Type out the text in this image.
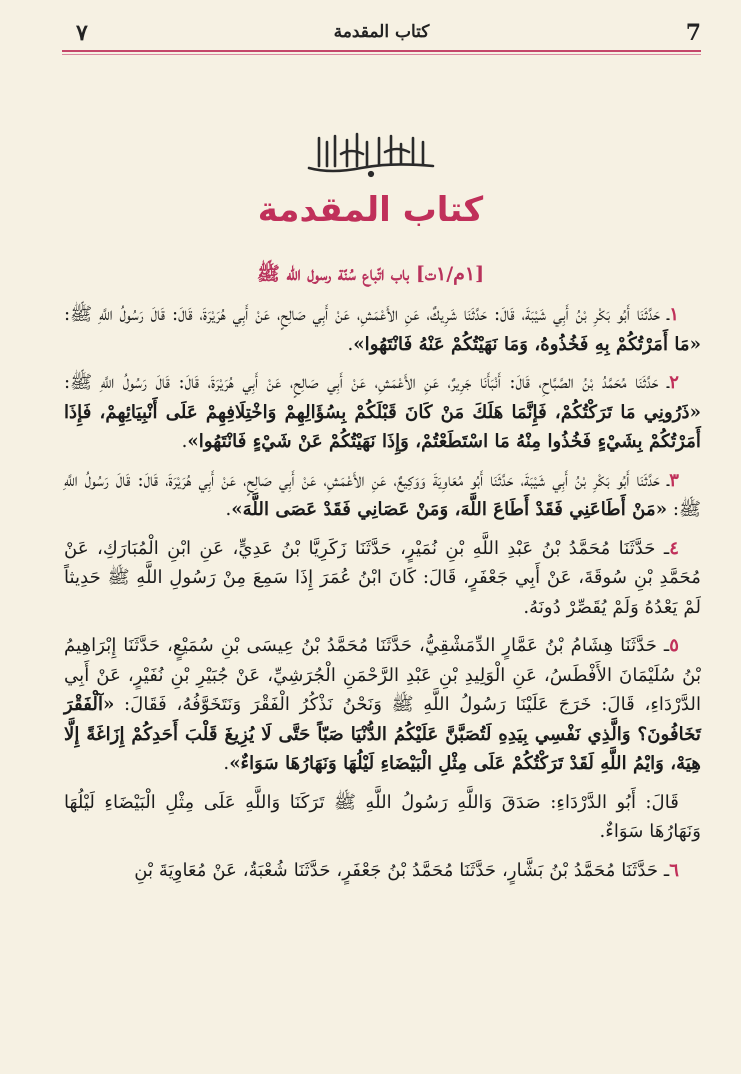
٧	كتاب المقدمة	7
كتاب المقدمة
[١م/١ت] باب اتّباع سُنّة رسول الله ﷺ

١ـ حَدَّثَنَا أَبُو بَكْرِ بْنُ أَبِي شَيْبَةَ، قَالَ: حَدَّثَنَا شَرِيكٌ، عَنِ الأَعْمَشِ، عَنْ أَبِي صَالِحٍ، عَنْ أَبِي هُرَيْرَةَ، قَالَ: قَالَ رَسُولُ اللَّهِ ﷺ: «مَا أَمَرْتُكُمْ بِهِ فَخُذُوهُ، وَمَا نَهَيْتُكُمْ عَنْهُ فَانْتَهُوا».

٢ـ حَدَّثَنَا مُحَمَّدُ بْنُ الصَّبَّاحِ، قَالَ: أَنْبَأَنَا جَرِيرٌ، عَنِ الأَعْمَشِ، عَنْ أَبِي صَالِحٍ، عَنْ أَبِي هُرَيْرَةَ، قَالَ: قَالَ رَسُولُ اللَّهِ ﷺ: «ذَرُونِي مَا تَرَكْتُكُمْ، فَإِنَّمَا هَلَكَ مَنْ كَانَ قَبْلَكُمْ بِسُؤَالِهِمْ وَاخْتِلَافِهِمْ عَلَى أَنْبِيَائِهِمْ، فَإِذَا أَمَرْتُكُمْ بِشَيْءٍ فَخُذُوا مِنْهُ مَا اسْتَطَعْتُمْ، وَإِذَا نَهَيْتُكُمْ عَنْ شَيْءٍ فَانْتَهُوا».

٣ـ حَدَّثَنَا أَبُو بَكْرِ بْنُ أَبِي شَيْبَةَ، حَدَّثَنَا أَبُو مُعَاوِيَةَ وَوَكِيعٌ، عَنِ الأَعْمَشِ، عَنْ أَبِي صَالِحٍ، عَنْ أَبِي هُرَيْرَةَ، قَالَ: قَالَ رَسُولُ اللَّهِ ﷺ: «مَنْ أَطَاعَنِي فَقَدْ أَطَاعَ اللَّهَ، وَمَنْ عَصَانِي فَقَدْ عَصَى اللَّهَ».

٤ـ حَدَّثَنَا مُحَمَّدُ بْنُ عَبْدِ اللَّهِ بْنِ نُمَيْرٍ، حَدَّثَنَا زَكَرِيَّا بْنُ عَدِيٍّ، عَنِ ابْنِ الْمُبَارَكِ، عَنْ مُحَمَّدِ بْنِ سُوقَةَ، عَنْ أَبِي جَعْفَرٍ، قَالَ: كَانَ ابْنُ عُمَرَ إِذَا سَمِعَ مِنْ رَسُولِ اللَّهِ ﷺ حَدِيثاً لَمْ يَعْدُهُ وَلَمْ يُقَصِّرْ دُونَهُ.

٥ـ حَدَّثَنَا هِشَامُ بْنُ عَمَّارٍ الدِّمَشْقِيُّ، حَدَّثَنَا مُحَمَّدُ بْنُ عِيسَى بْنِ سُمَيْعٍ، حَدَّثَنَا إِبْرَاهِيمُ بْنُ سُلَيْمَانَ الأَفْطَسُ، عَنِ الْوَلِيدِ بْنِ عَبْدِ الرَّحْمَنِ الْجُرَشِيِّ، عَنْ جُبَيْرِ بْنِ نُفَيْرٍ، عَنْ أَبِي الدَّرْدَاءِ، قَالَ: خَرَجَ عَلَيْنَا رَسُولُ اللَّهِ ﷺ وَنَحْنُ نَذْكُرُ الْفَقْرَ وَنَتَخَوَّفُهُ، فَقَالَ: «آلْفَقْرَ تَخَافُونَ؟ وَالَّذِي نَفْسِي بِيَدِهِ لَتُصَبَّنَّ عَلَيْكُمُ الدُّنْيَا صَبّاً حَتَّى لَا يُزِيغَ قَلْبَ أَحَدِكُمْ إِزَاغَةً إِلَّا هِيَهْ، وَايْمُ اللَّهِ لَقَدْ تَرَكْتُكُمْ عَلَى مِثْلِ الْبَيْضَاءِ لَيْلُهَا وَنَهَارُهَا سَوَاءٌ».

قَالَ: أَبُو الدَّرْدَاءِ: صَدَقَ وَاللَّهِ رَسُولُ اللَّهِ ﷺ تَرَكَنَا وَاللَّهِ عَلَى مِثْلِ الْبَيْضَاءِ لَيْلُهَا وَنَهَارُهَا سَوَاءٌ.

٦ـ حَدَّثَنَا مُحَمَّدُ بْنُ بَشَّارٍ، حَدَّثَنَا مُحَمَّدُ بْنُ جَعْفَرٍ، حَدَّثَنَا شُعْبَةُ، عَنْ مُعَاوِيَةَ بْنِ
